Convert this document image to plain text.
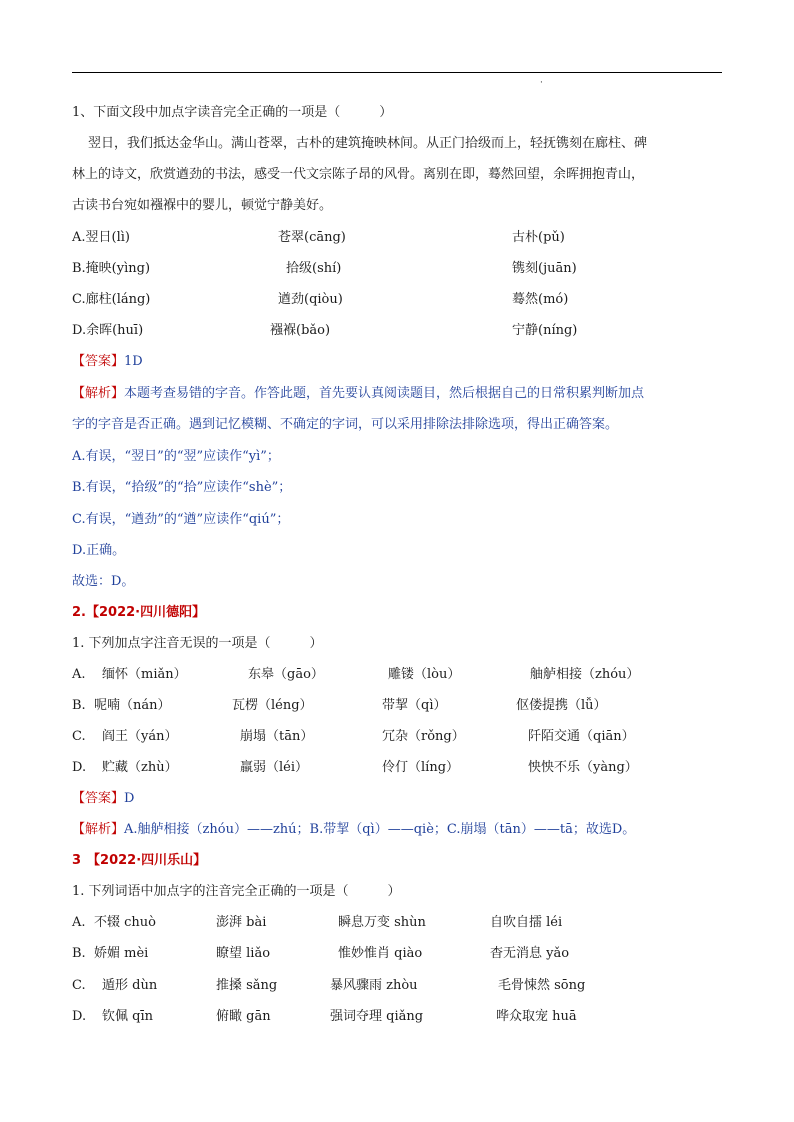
·
1、下面文段中加点字读音完全正确的一项是（　　　）
翌日，我们抵达金华山。满山苍翠，古朴的建筑掩映林间。从正门拾级而上，轻抚镌刻在廊柱、碑
林上的诗文，欣赏遒劲的书法，感受一代文宗陈子昂的风骨。离别在即，蓦然回望，余晖拥抱青山，
古读书台宛如襁褓中的婴儿，顿觉宁静美好。
A.翌日(lì)	苍翠(cāng)	古朴(pǔ)
B.掩映(yìng)	拾级(shí)	镌刻(juān)
C.廊柱(láng)	遒劲(qiòu)	蓦然(mó)
D.余晖(huī)	襁褓(bǎo)	宁静(níng)
【答案】1D
【解析】本题考查易错的字音。作答此题，首先要认真阅读题目，然后根据自己的日常积累判断加点
字的字音是否正确。遇到记忆模糊、不确定的字词，可以采用排除法排除选项，得出正确答案。
A.有误，“翌日”的“翌”应读作“yì”；
B.有误，“拾级”的“拾”应读作“shè”；
C.有误，“遒劲”的“遒”应读作“qiú”；
D.正确。
故选：D。
2.【2022·四川德阳】
1. 下列加点字注音无误的一项是（　　　）
A. 缅怀（miǎn）	东皋（gāo）	雕镂（lòu）	舳舻相接（zhóu）
B. 呢喃（nán）	瓦楞（léng）	带挈（qì）	伛偻提携（lǚ）
C. 阎王（yán）	崩塌（tān）	冗杂（rǒng）	阡陌交通（qiān）
D. 贮藏（zhù）	羸弱（léi）	伶仃（líng）	怏怏不乐（yàng）
【答案】D
【解析】A.舳舻相接（zhóu）——zhú；B.带挈（qì）——qiè；C.崩塌（tān）——tā；故选D。
3 【2022·四川乐山】
1. 下列词语中加点字的注音完全正确的一项是（　　　）
A. 不辍 chuò	澎湃 bài	瞬息万变 shùn	自吹自擂 léi
B. 娇媚 mèi	瞭望 liǎo	惟妙惟肖 qiào	杳无消息 yǎo
C. 遁形 dùn	推搡 sǎng	暴风骤雨 zhòu	毛骨悚然 sōng
D. 钦佩 qīn	俯瞰 gān	强词夺理 qiǎng	哗众取宠 huā
